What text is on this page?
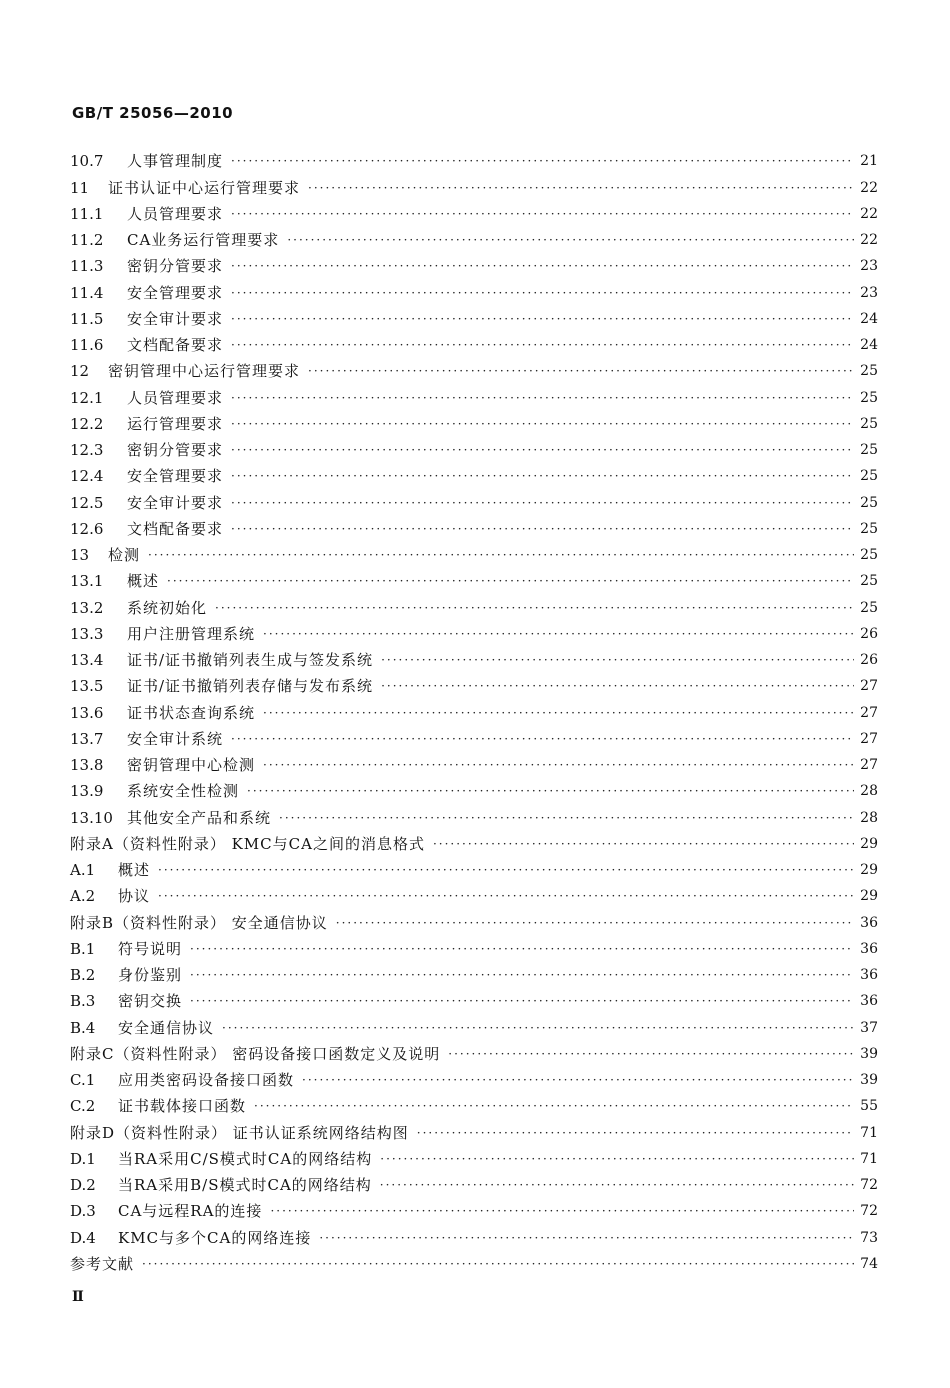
GB/T 25056—2010
10.7	人事管理制度 ·····	21
11	证书认证中心运行管理要求 ·····	22
11.1	人员管理要求 ·····	22
11.2	CA业务运行管理要求 ·····	22
11.3	密钥分管要求 ·····	23
11.4	安全管理要求 ·····	23
11.5	安全审计要求 ·····	24
11.6	文档配备要求 ·····	24
12	密钥管理中心运行管理要求 ·····	25
12.1	人员管理要求 ·····	25
12.2	运行管理要求 ·····	25
12.3	密钥分管要求 ·····	25
12.4	安全管理要求 ·····	25
12.5	安全审计要求 ·····	25
12.6	文档配备要求 ·····	25
13	检测 ·····	25
13.1	概述 ·····	25
13.2	系统初始化 ·····	25
13.3	用户注册管理系统 ·····	26
13.4	证书/证书撤销列表生成与签发系统 ·····	26
13.5	证书/证书撤销列表存储与发布系统 ·····	27
13.6	证书状态查询系统 ·····	27
13.7	安全审计系统 ·····	27
13.8	密钥管理中心检测 ·····	27
13.9	系统安全性检测 ·····	28
13.10 其他安全产品和系统 ·····	28
附录A（资料性附录） KMC与CA之间的消息格式 ·····	29
A.1	概述 ·····	29
A.2	协议 ·····	29
附录B（资料性附录） 安全通信协议 ·····	36
B.1	符号说明 ·····	36
B.2	身份鉴别 ·····	36
B.3	密钥交换 ·····	36
B.4	安全通信协议 ·····	37
附录C（资料性附录） 密码设备接口函数定义及说明 ·····	39
C.1	应用类密码设备接口函数 ·····	39
C.2	证书载体接口函数 ·····	55
附录D（资料性附录） 证书认证系统网络结构图 ·····	71
D.1	当RA采用C/S模式时CA的网络结构 ·····	71
D.2	当RA采用B/S模式时CA的网络结构 ·····	72
D.3	CA与远程RA的连接 ·····	72
D.4	KMC与多个CA的网络连接 ·····	73
参考文献 ·····	74
Ⅱ
